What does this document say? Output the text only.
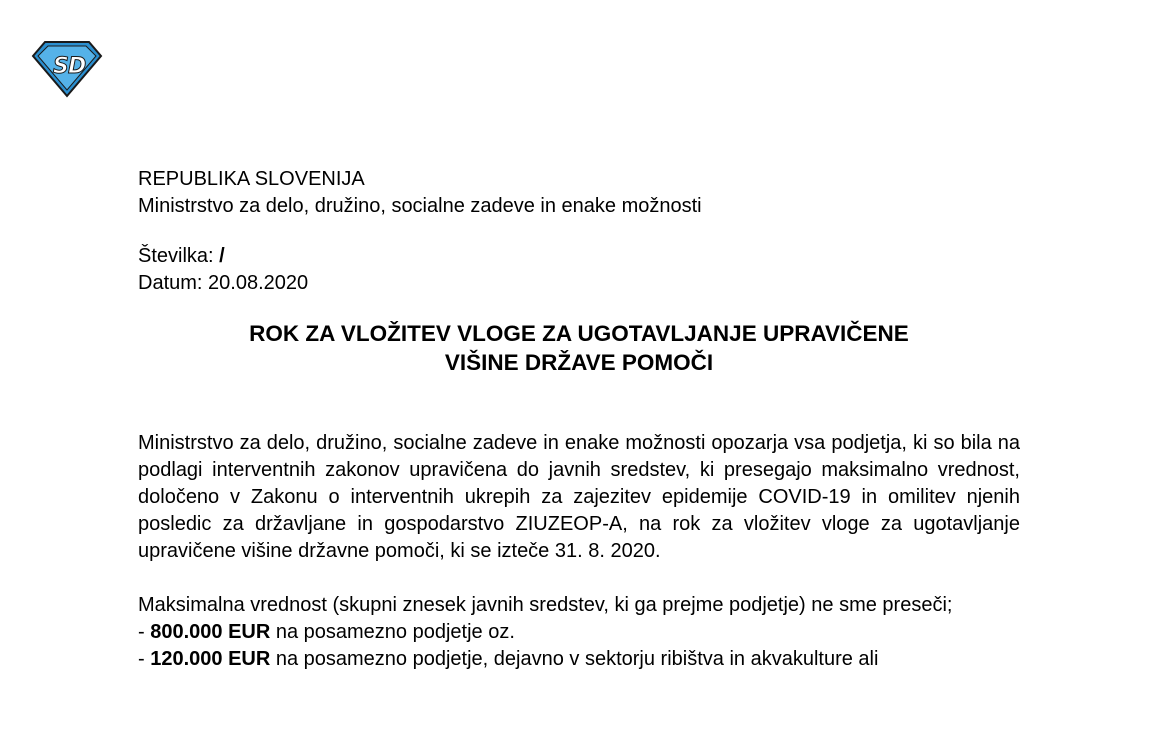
S D
REPUBLIKA SLOVENIJA
Ministrstvo za delo, družino, socialne zadeve in enake možnosti
Številka: /
Datum: 20.08.2020
ROK ZA VLOŽITEV VLOGE ZA UGOTAVLJANJE UPRAVIČENE
VIŠINE DRŽAVE POMOČI
Ministrstvo za delo, družino, socialne zadeve in enake možnosti opozarja vsa podjetja, ki so bila na podlagi interventnih zakonov upravičena do javnih sredstev, ki presegajo maksimalno vrednost, določeno v Zakonu o interventnih ukrepih za zajezitev epidemije COVID-19 in omilitev njenih posledic za državljane in gospodarstvo ZIUZEOP-A, na rok za vložitev vloge za ugotavljanje upravičene višine državne pomoči, ki se izteče 31. 8. 2020.
Maksimalna vrednost (skupni znesek javnih sredstev, ki ga prejme podjetje) ne sme preseči;
- 800.000 EUR na posamezno podjetje oz.
- 120.000 EUR na posamezno podjetje, dejavno v sektorju ribištva in akvakulture ali
